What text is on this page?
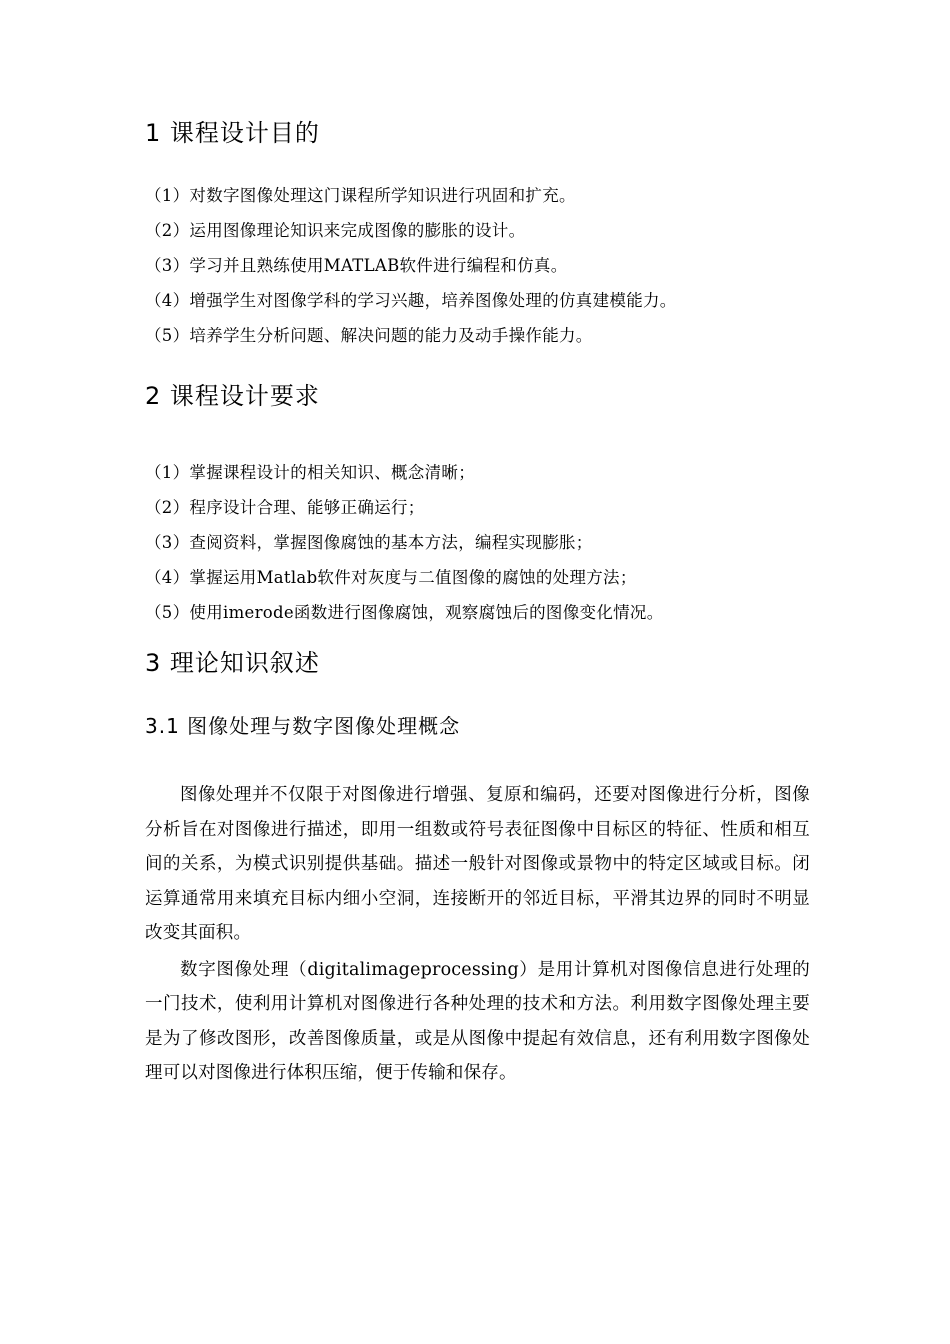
1 课程设计目的
（1）对数字图像处理这门课程所学知识进行巩固和扩充。
（2）运用图像理论知识来完成图像的膨胀的设计。
（3）学习并且熟练使用MATLAB软件进行编程和仿真。
（4）增强学生对图像学科的学习兴趣，培养图像处理的仿真建模能力。
（5）培养学生分析问题、解决问题的能力及动手操作能力。
2 课程设计要求
（1）掌握课程设计的相关知识、概念清晰；
（2）程序设计合理、能够正确运行；
（3）查阅资料，掌握图像腐蚀的基本方法，编程实现膨胀；
（4）掌握运用Matlab软件对灰度与二值图像的腐蚀的处理方法；
（5）使用imerode函数进行图像腐蚀，观察腐蚀后的图像变化情况。
3 理论知识叙述
3.1 图像处理与数字图像处理概念

图像处理并不仅限于对图像进行增强、复原和编码，还要对图像进行分析，图像分析旨在对图像进行描述，即用一组数或符号表征图像中目标区的特征、性质和相互间的关系，为模式识别提供基础。描述一般针对图像或景物中的特定区域或目标。闭运算通常用来填充目标内细小空洞，连接断开的邻近目标，平滑其边界的同时不明显改变其面积。

数字图像处理（digitalimageprocessing）是用计算机对图像信息进行处理的一门技术，使利用计算机对图像进行各种处理的技术和方法。利用数字图像处理主要是为了修改图形，改善图像质量，或是从图像中提起有效信息，还有利用数字图像处理可以对图像进行体积压缩，便于传输和保存。
